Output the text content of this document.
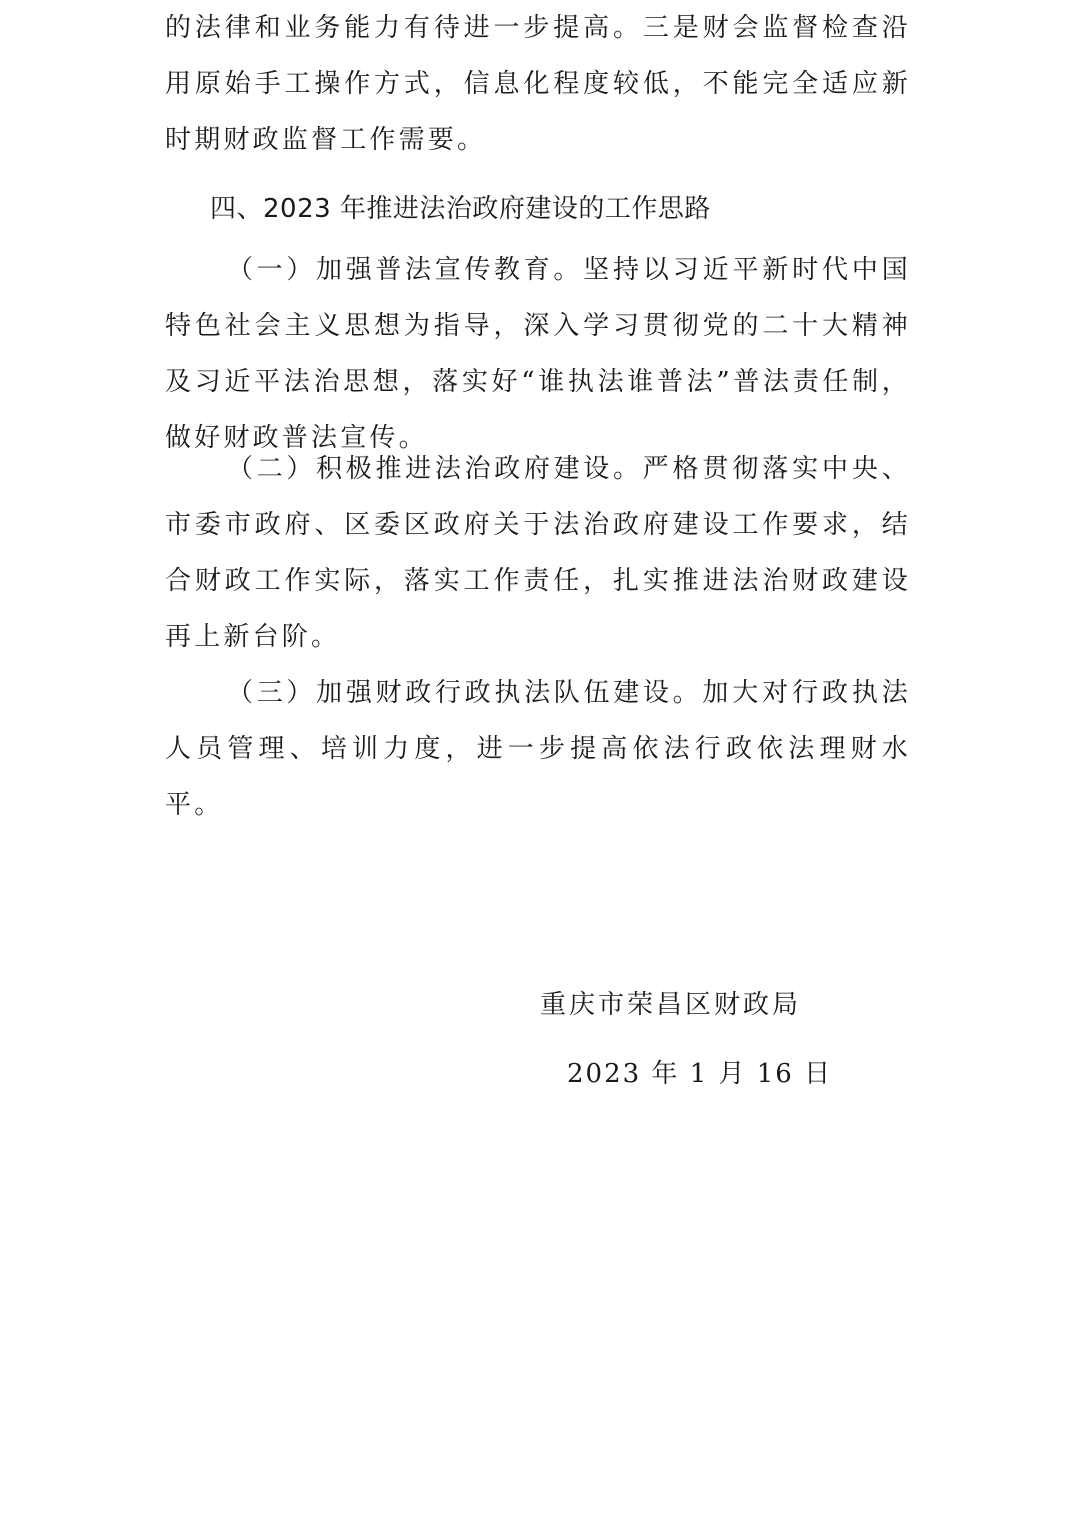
的法律和业务能力有待进一步提高。三是财会监督检查沿用原始手工操作方式，信息化程度较低，不能完全适应新时期财政监督工作需要。

四、2023 年推进法治政府建设的工作思路

（一）加强普法宣传教育。坚持以习近平新时代中国特色社会主义思想为指导，深入学习贯彻党的二十大精神及习近平法治思想，落实好“谁执法谁普法”普法责任制，做好财政普法宣传。

（二）积极推进法治政府建设。严格贯彻落实中央、市委市政府、区委区政府关于法治政府建设工作要求，结合财政工作实际，落实工作责任，扎实推进法治财政建设再上新台阶。

（三）加强财政行政执法队伍建设。加大对行政执法人员管理、培训力度，进一步提高依法行政依法理财水平。

重庆市荣昌区财政局

2023 年 1 月 16 日
